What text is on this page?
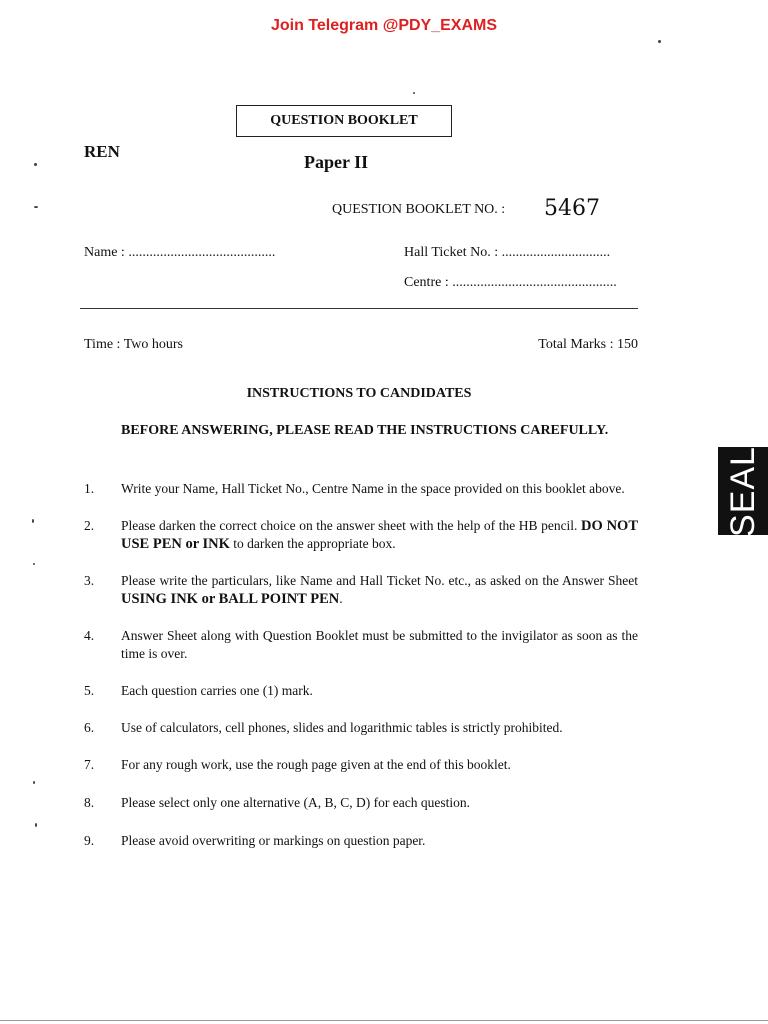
Join Telegram @PDY_EXAMS
QUESTION BOOKLET
REN
Paper II
QUESTION BOOKLET NO. : 5467
Name : ..........................................	Hall Ticket No. : ...............................
Centre : ...............................................
Time : Two hours	Total Marks : 150
INSTRUCTIONS TO CANDIDATES
BEFORE ANSWERING, PLEASE READ THE INSTRUCTIONS CAREFULLY.
1.	Write your Name, Hall Ticket No., Centre Name in the space provided on this booklet above.
2.	Please darken the correct choice on the answer sheet with the help of the HB pencil. DO NOT USE PEN or INK to darken the appropriate box.
3.	Please write the particulars, like Name and Hall Ticket No. etc., as asked on the Answer Sheet USING INK or BALL POINT PEN.
4.	Answer Sheet along with Question Booklet must be submitted to the invigilator as soon as the time is over.
5.	Each question carries one (1) mark.
6.	Use of calculators, cell phones, slides and logarithmic tables is strictly prohibited.
7.	For any rough work, use the rough page given at the end of this booklet.
8.	Please select only one alternative (A, B, C, D) for each question.
9.	Please avoid overwriting or markings on question paper.
SEAL
